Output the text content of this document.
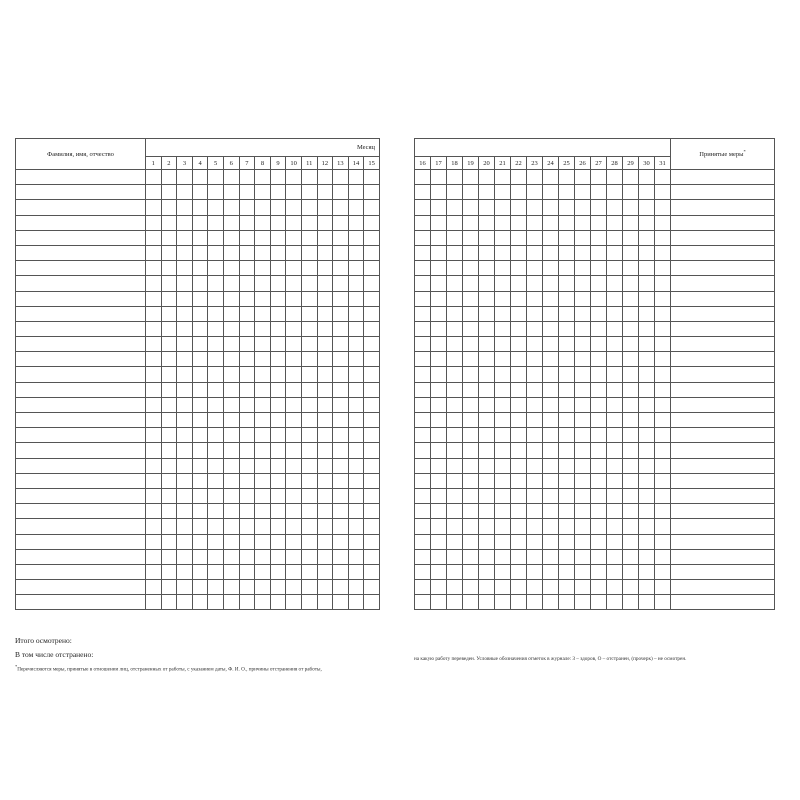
Фамилия, имя, отчество	Месяц														
	1	2	3	4	5	6	7	8	9	10	11	12	13	14	15

Итого осмотрено:
В том числе отстранено:
*Перечисляются меры, принятые в отношении лиц, отстраненных от работы, с указанием даты, Ф. И. О., причины отстранения от работы,
																Принятые меры*
16	17	18	19	20	21	22	23	24	25	26	27	28	29	30	31	

на какую работу переведен. Условные обозначения отметок в журнале: З – здоров, О – отстранен, (прочерк) – не осмотрен.
